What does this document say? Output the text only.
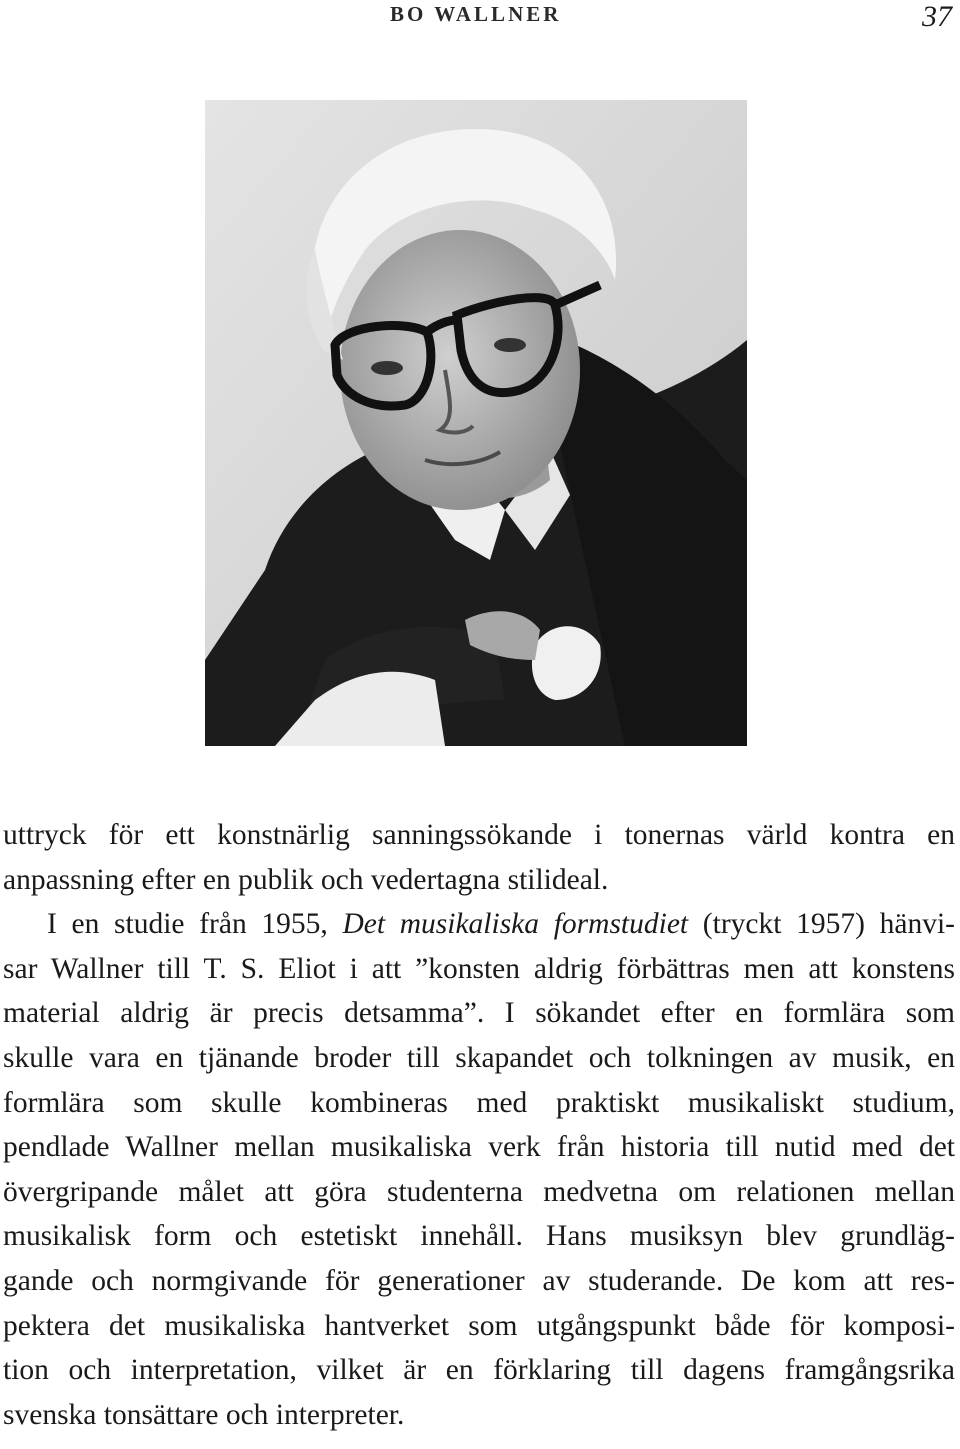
BO WALLNER	37
uttryck för ett konstnärlig sanningssökande i tonernas värld kontra en
anpassning efter en publik och vedertagna stilideal.
I en studie från 1955, Det musikaliska formstudiet (tryckt 1957) hänvi-
sar Wallner till T. S. Eliot i att ”konsten aldrig förbättras men att konstens
material aldrig är precis detsamma”. I sökandet efter en formlära som
skulle vara en tjänande broder till skapandet och tolkningen av musik, en
formlära som skulle kombineras med praktiskt musikaliskt studium,
pendlade Wallner mellan musikaliska verk från historia till nutid med det
övergripande målet att göra studenterna medvetna om relationen mellan
musikalisk form och estetiskt innehåll. Hans musiksyn blev grundläg-
gande och normgivande för generationer av studerande. De kom att res-
pektera det musikaliska hantverket som utgångspunkt både för komposi-
tion och interpretation, vilket är en förklaring till dagens framgångsrika
svenska tonsättare och interpreter.
